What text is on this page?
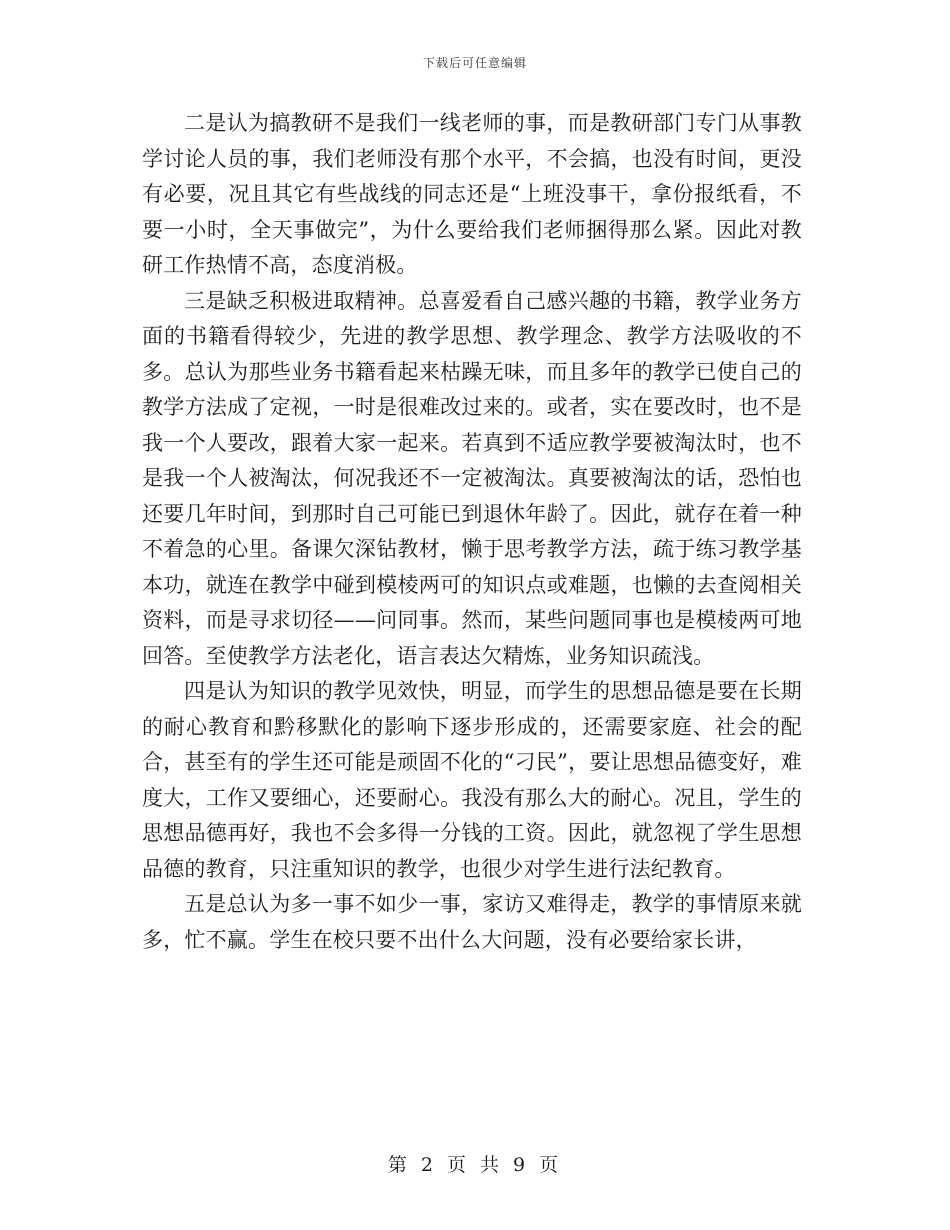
下载后可任意编辑

二是认为搞教研不是我们一线老师的事，而是教研部门专门从事教学讨论人员的事，我们老师没有那个水平，不会搞，也没有时间，更没有必要，况且其它有些战线的同志还是“上班没事干，拿份报纸看，不要一小时，全天事做完”，为什么要给我们老师捆得那么紧。因此对教研工作热情不高，态度消极。

三是缺乏积极进取精神。总喜爱看自己感兴趣的书籍，教学业务方面的书籍看得较少，先进的教学思想、教学理念、教学方法吸收的不多。总认为那些业务书籍看起来枯躁无味，而且多年的教学已使自己的教学方法成了定视，一时是很难改过来的。或者，实在要改时，也不是我一个人要改，跟着大家一起来。若真到不适应教学要被淘汰时，也不是我一个人被淘汰，何况我还不一定被淘汰。真要被淘汰的话，恐怕也还要几年时间，到那时自己可能已到退休年龄了。因此，就存在着一种不着急的心里。备课欠深钻教材，懒于思考教学方法，疏于练习教学基本功，就连在教学中碰到模棱两可的知识点或难题，也懒的去查阅相关资料，而是寻求切径——问同事。然而，某些问题同事也是模棱两可地回答。至使教学方法老化，语言表达欠精炼，业务知识疏浅。

四是认为知识的教学见效快，明显，而学生的思想品德是要在长期的耐心教育和黔移默化的影响下逐步形成的，还需要家庭、社会的配合，甚至有的学生还可能是顽固不化的“刁民”，要让思想品德变好，难度大，工作又要细心，还要耐心。我没有那么大的耐心。况且，学生的思想品德再好，我也不会多得一分钱的工资。因此，就忽视了学生思想品德的教育，只注重知识的教学，也很少对学生进行法纪教育。

五是总认为多一事不如少一事，家访又难得走，教学的事情原来就多，忙不赢。学生在校只要不出什么大问题，没有必要给家长讲，

第 2 页 共 9 页
